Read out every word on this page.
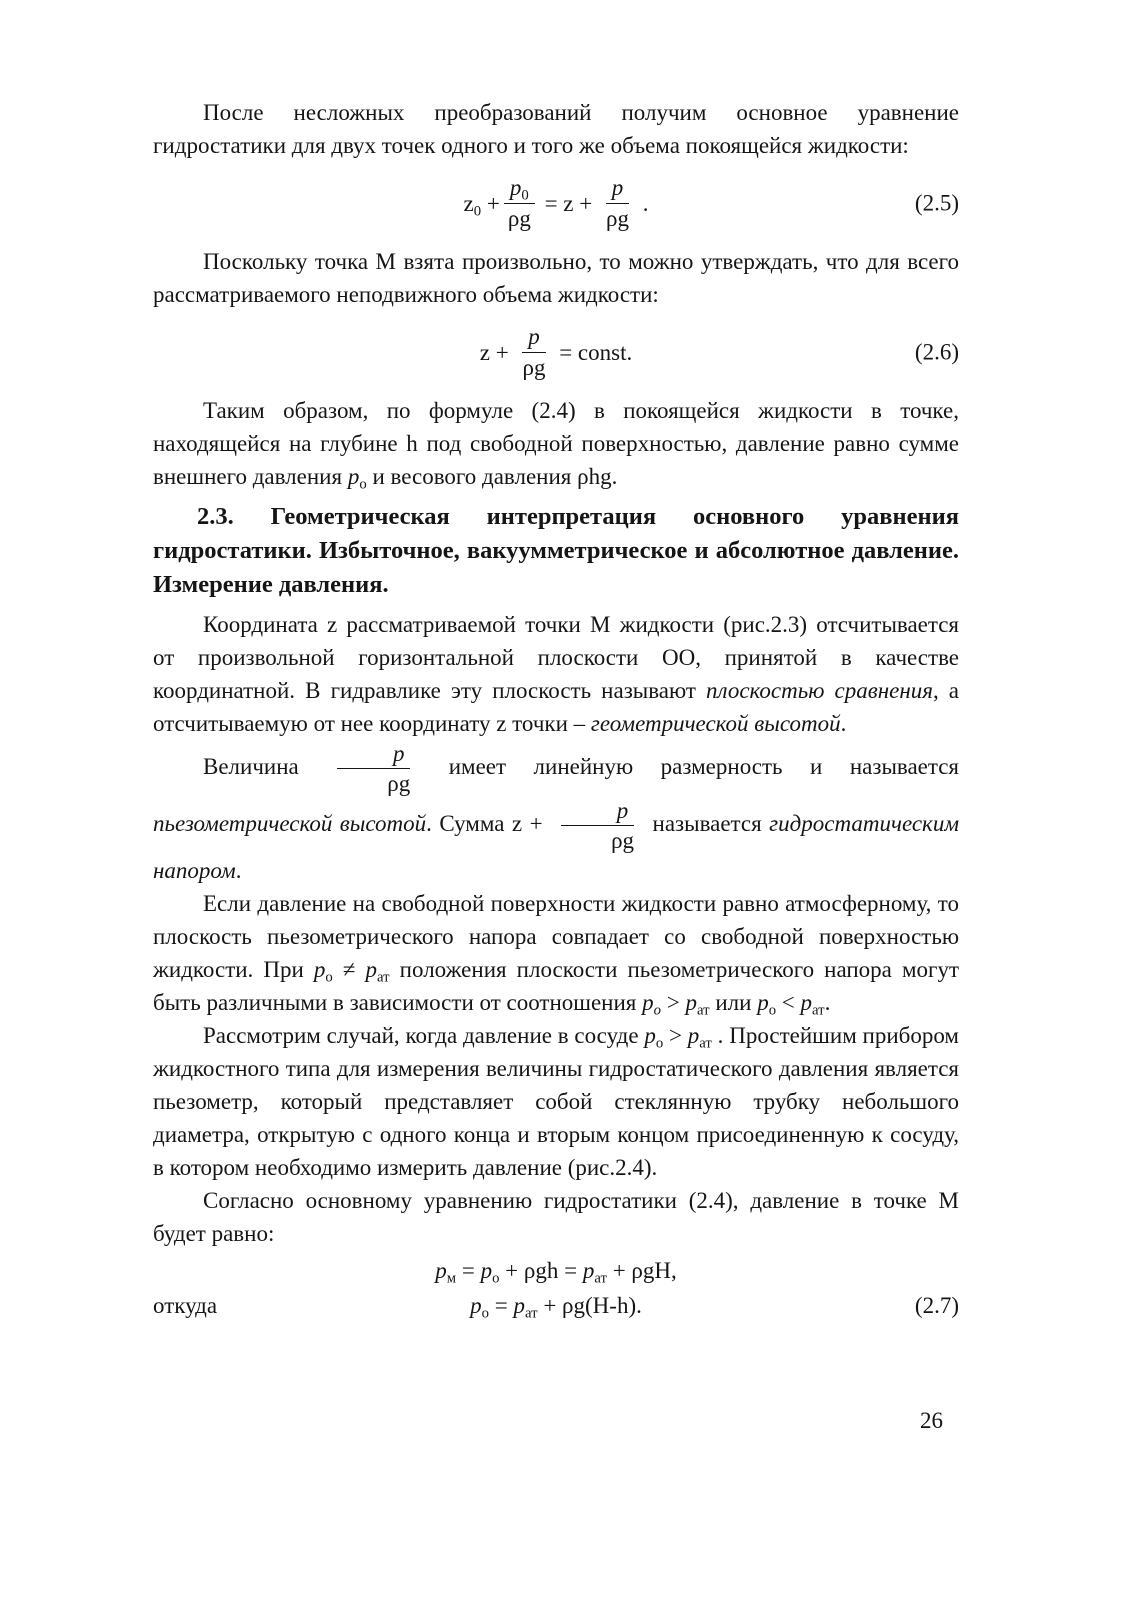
После несложных преобразований получим основное уравнение гидростатики для двух точек одного и того же объема покоящейся жидкости:

$z0 + \frac{p0}{\rho g} = z + \frac{p}{\rho g}$ .	(2.5)

Поскольку точка М взята произвольно, то можно утверждать, что для всего рассматриваемого неподвижного объема жидкости:

$z + \frac{p}{\rho g}$ = const.	(2.6)

Таким образом, по формуле (2.4) в покоящейся жидкости в точке, находящейся на глубине h под свободной поверхностью, давление равно сумме внешнего давления pо и весового давления ρhg.

2.3. Геометрическая интерпретация основного уравнения гидростатики. Избыточное, вакуумметрическое и абсолютное давление. Измерение давления.

Координата z рассматриваемой точки М жидкости (рис.2.3) отсчитывается от произвольной горизонтальной плоскости ОО, принятой в качестве координатной. В гидравлике эту плоскость называют плоскостью сравнения, а отсчитываемую от нее координату z точки – геометрической высотой.

Величина $\frac{p}{\rho g}$ имеет линейную размерность и называется пьезометрической высотой. Сумма $z + \frac{p}{\rho g}$ называется гидростатическим напором.

Если давление на свободной поверхности жидкости равно атмосферному, то плоскость пьезометрического напора совпадает со свободной поверхностью жидкости. При pо ≠ pат положения плоскости пьезометрического напора могут быть различными в зависимости от соотношения pо > pат или pо < pат.

Рассмотрим случай, когда давление в сосуде pо > pат . Простейшим прибором жидкостного типа для измерения величины гидростатического давления является пьезометр, который представляет собой стеклянную трубку небольшого диаметра, открытую с одного конца и вторым концом присоединенную к сосуду, в котором необходимо измерить давление (рис.2.4).

Согласно основному уравнению гидростатики (2.4), давление в точке М будет равно:

pм = pо + ρgh = pат + ρgH,
откуда	pо = pат + ρg(H-h).	(2.7)
26
